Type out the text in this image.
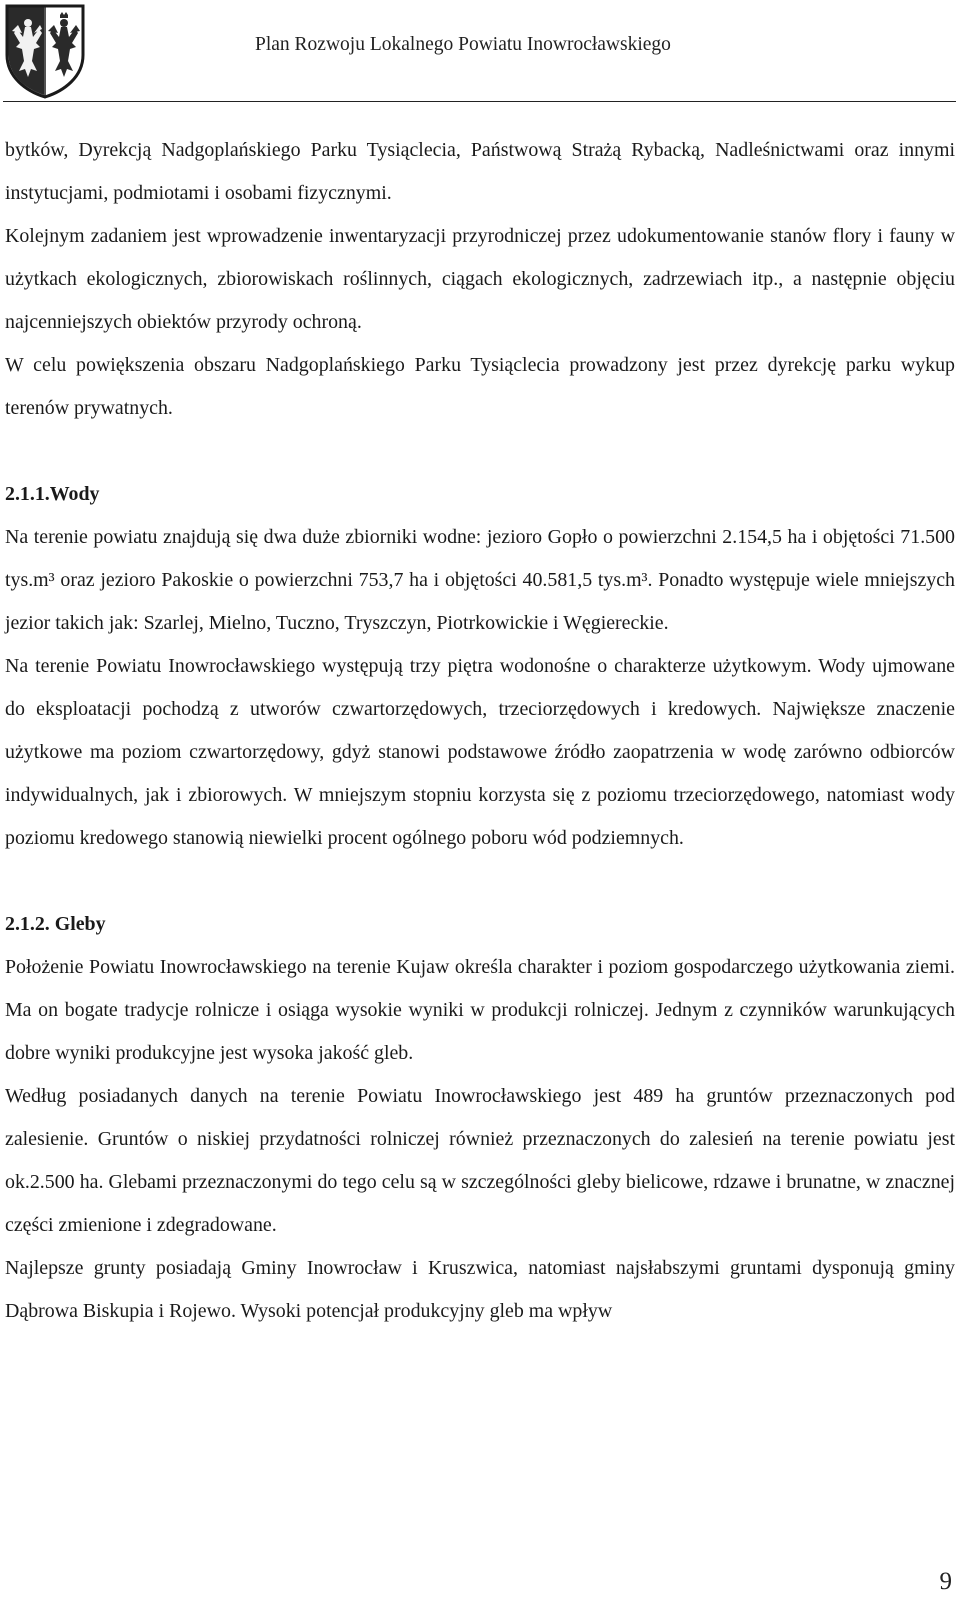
Plan Rozwoju Lokalnego Powiatu Inowrocławskiego

bytków, Dyrekcją Nadgoplańskiego Parku Tysiąclecia, Państwową Strażą Rybacką, Nadleśnictwami oraz innymi instytucjami, podmiotami i osobami fizycznymi.

Kolejnym zadaniem jest wprowadzenie inwentaryzacji przyrodniczej przez udokumentowanie stanów flory i fauny w użytkach ekologicznych, zbiorowiskach roślinnych, ciągach ekologicznych, zadrzewiach itp., a następnie objęciu najcenniejszych obiektów przyrody ochroną.

W celu powiększenia obszaru Nadgoplańskiego Parku Tysiąclecia prowadzony jest przez dyrekcję parku wykup terenów prywatnych.

2.1.1.Wody

Na terenie powiatu znajdują się dwa duże zbiorniki wodne: jezioro Gopło o powierzchni 2.154,5 ha i objętości 71.500 tys.m³ oraz jezioro Pakoskie o powierzchni 753,7 ha i objętości 40.581,5 tys.m³. Ponadto występuje wiele mniejszych jezior takich jak: Szarlej, Mielno, Tuczno, Tryszczyn, Piotrkowickie i Węgiereckie.

Na terenie Powiatu Inowrocławskiego występują trzy piętra wodonośne o charakterze użytkowym. Wody ujmowane do eksploatacji pochodzą z utworów czwartorzędowych, trzeciorzędowych i kredowych. Największe znaczenie użytkowe ma poziom czwartorzędowy, gdyż stanowi podstawowe źródło zaopatrzenia w wodę zarówno odbiorców indywidualnych, jak i zbiorowych. W mniejszym stopniu korzysta się z poziomu trzeciorzędowego, natomiast wody poziomu kredowego stanowią niewielki procent ogólnego poboru wód podziemnych.

2.1.2. Gleby

Położenie Powiatu Inowrocławskiego na terenie Kujaw określa charakter i poziom gospodarczego użytkowania ziemi. Ma on bogate tradycje rolnicze i osiąga wysokie wyniki w produkcji rolniczej. Jednym z czynników warunkujących dobre wyniki produkcyjne jest wysoka jakość gleb.

Według posiadanych danych na terenie Powiatu Inowrocławskiego jest 489 ha gruntów przeznaczonych pod zalesienie. Gruntów o niskiej przydatności rolniczej również przeznaczonych do zalesień na terenie powiatu jest ok.2.500 ha. Glebami przeznaczonymi do tego celu są w szczególności gleby bielicowe, rdzawe i brunatne, w znacznej części zmienione i zdegradowane.

Najlepsze grunty posiadają Gminy Inowrocław i Kruszwica, natomiast najsłabszymi gruntami dysponują gminy Dąbrowa Biskupia i Rojewo. Wysoki potencjał produkcyjny gleb ma wpływ

9
